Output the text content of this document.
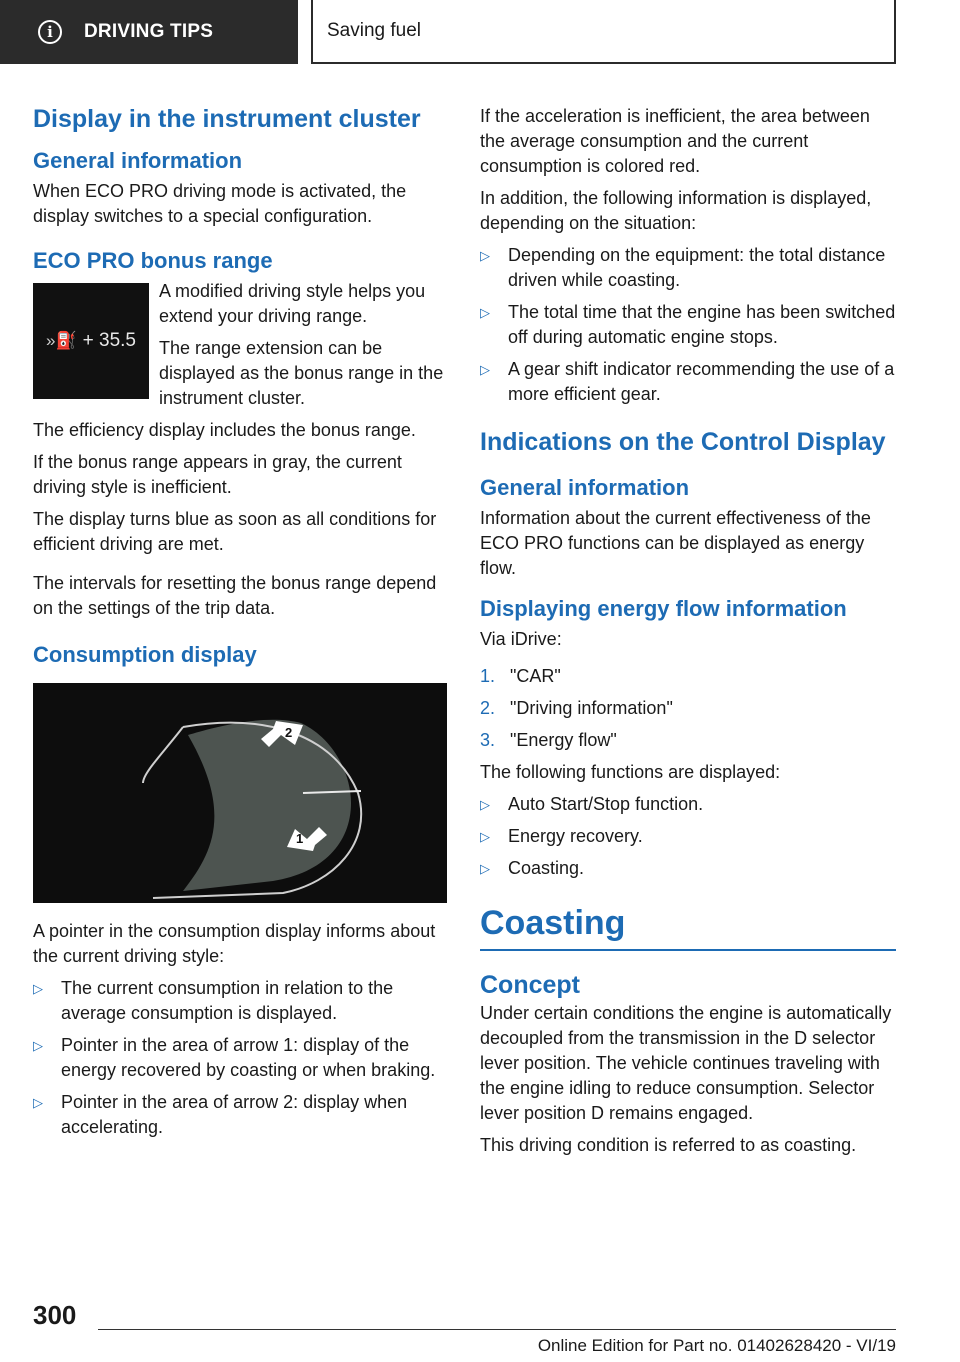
i	DRIVING TIPS	Saving fuel
Display in the instrument cluster
General information

When ECO PRO driving mode is activated, the display switches to a special configuration.

ECO PRO bonus range
»⛽ + 35.5

A modified driving style helps you extend your driving range.

The range extension can be displayed as the bonus range in the instrument cluster.

The efficiency display includes the bonus range.

If the bonus range appears in gray, the current driving style is inefficient.

The display turns blue as soon as all conditions for efficient driving are met.

The intervals for resetting the bonus range depend on the settings of the trip data.

Consumption display
2
1

A pointer in the consumption display informs about the current driving style:

▷ The current consumption in relation to the average consumption is displayed.
▷ Pointer in the area of arrow 1: display of the energy recovered by coasting or when braking.
▷ Pointer in the area of arrow 2: display when accelerating.

If the acceleration is inefficient, the area between the average consumption and the current consumption is colored red.

In addition, the following information is displayed, depending on the situation:

▷ Depending on the equipment: the total distance driven while coasting.
▷ The total time that the engine has been switched off during automatic engine stops.
▷ A gear shift indicator recommending the use of a more efficient gear.
Indications on the Control Display
General information

Information about the current effectiveness of the ECO PRO functions can be displayed as energy flow.

Displaying energy flow information

Via iDrive:

1. "CAR"
2. "Driving information"
3. "Energy flow"

The following functions are displayed:

▷ Auto Start/Stop function.
▷ Energy recovery.
▷ Coasting.
Coasting
Concept

Under certain conditions the engine is automatically decoupled from the transmission in the D selector lever position. The vehicle continues traveling with the engine idling to reduce consumption. Selector lever position D remains engaged.

This driving condition is referred to as coasting.

300
Online Edition for Part no. 01402628420 - VI/19
